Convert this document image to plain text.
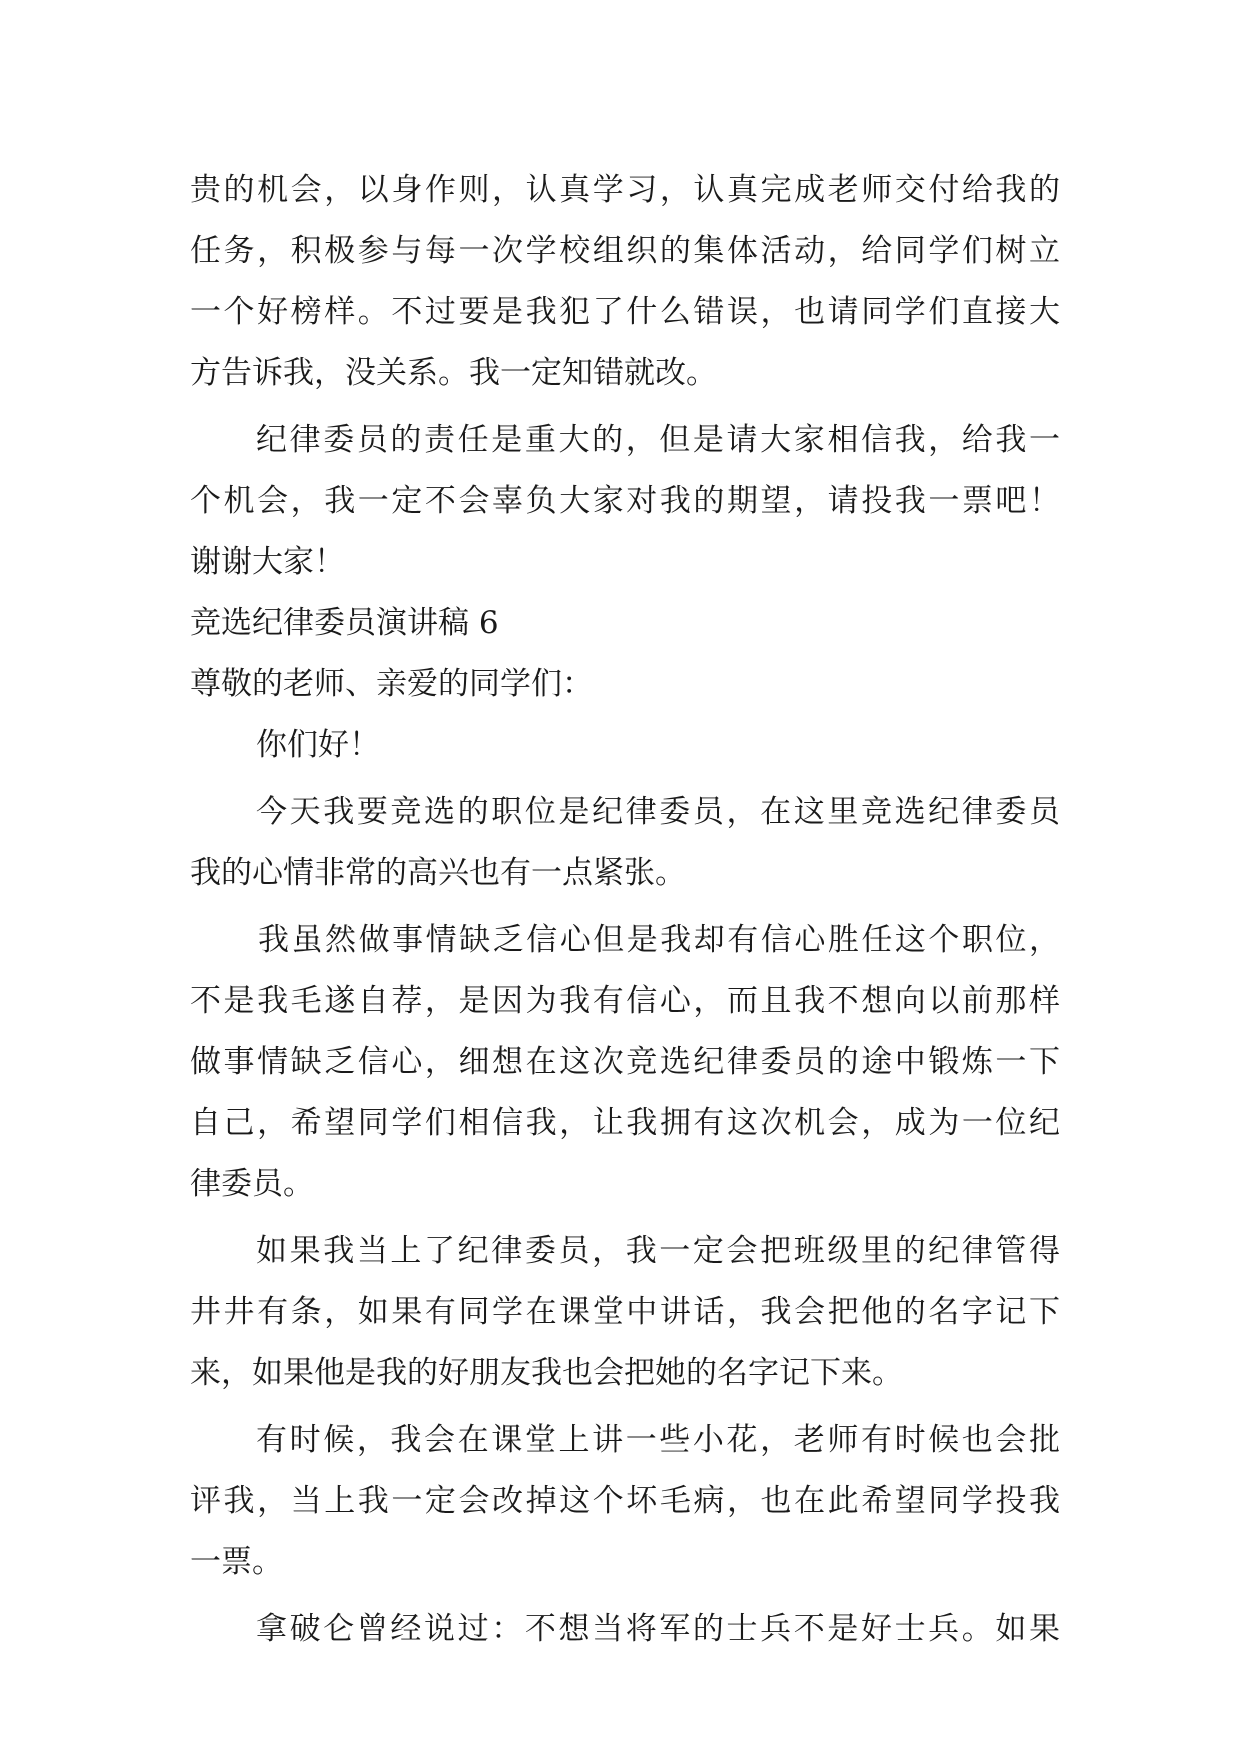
贵的机会，以身作则，认真学习，认真完成老师交付给我的
任务，积极参与每一次学校组织的集体活动，给同学们树立
一个好榜样。不过要是我犯了什么错误，也请同学们直接大
方告诉我，没关系。我一定知错就改。
纪律委员的责任是重大的，但是请大家相信我，给我一
个机会，我一定不会辜负大家对我的期望，请投我一票吧！
谢谢大家！
竞选纪律委员演讲稿 6
尊敬的老师、亲爱的同学们：
你们好！
今天我要竞选的职位是纪律委员，在这里竞选纪律委员
我的心情非常的高兴也有一点紧张。
我虽然做事情缺乏信心但是我却有信心胜任这个职位，
不是我毛遂自荐，是因为我有信心，而且我不想向以前那样
做事情缺乏信心，细想在这次竞选纪律委员的途中锻炼一下
自己，希望同学们相信我，让我拥有这次机会，成为一位纪
律委员。
如果我当上了纪律委员，我一定会把班级里的纪律管得
井井有条，如果有同学在课堂中讲话，我会把他的名字记下
来，如果他是我的好朋友我也会把她的名字记下来。
有时候，我会在课堂上讲一些小花，老师有时候也会批
评我，当上我一定会改掉这个坏毛病，也在此希望同学投我
一票。
拿破仑曾经说过：不想当将军的士兵不是好士兵。如果
